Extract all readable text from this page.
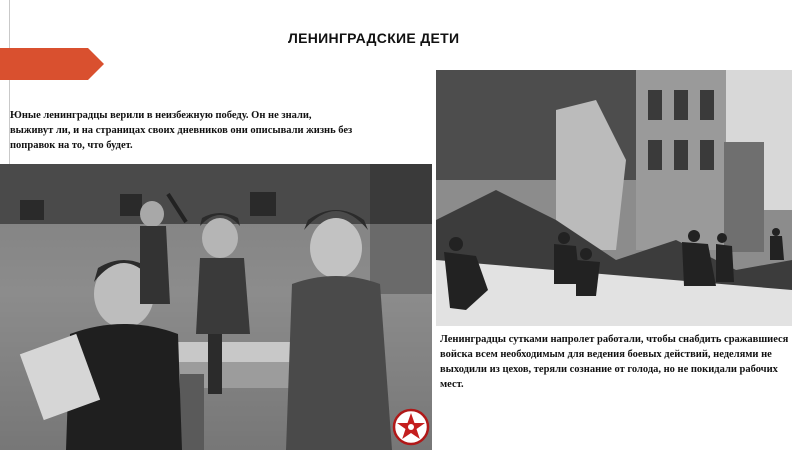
ЛЕНИНГРАДСКИЕ ДЕТИ
Юные ленинградцы верили в неизбежную победу. Он не знали, выживут ли, и на страницах своих дневников они описывали жизнь без поправок на то, что будет.
Ленинградцы сутками напролет работали, чтобы снабдить сражавшиеся войска всем необходимым для ведения боевых действий, неделями не выходили из цехов, теряли сознание от голода, но не покидали рабочих мест.
